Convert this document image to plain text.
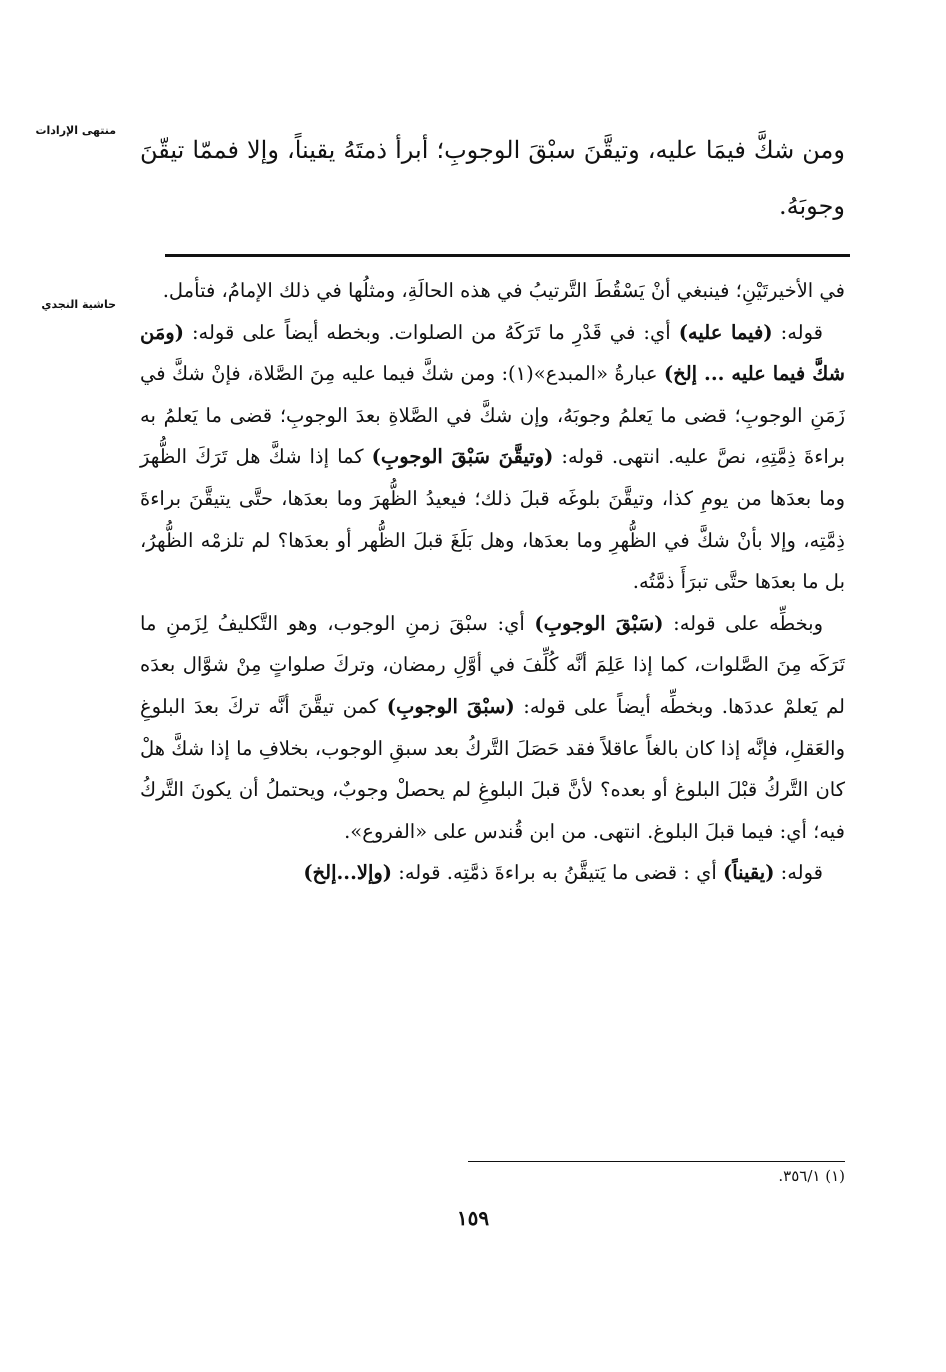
منتهى الإرادات
حاشية النجدي
ومن شكَّ فيمَا عليه، وتيقَّنَ سبْقَ الوجوبِ؛ أبرأ ذمتَهُ يقيناً، وإلا فممّا تيقّنَ وجوبَهُ.

في الأخيرتَيْنِ؛ فينبغي أنْ يَسْقُطَ التَّرتيبُ في هذه الحالَةِ، ومثلُها في ذلك الإمامُ، فتأمل.

قوله: (فيما عليه) أي: في قَدْرِ ما تَرَكَهُ من الصلوات. وبخطه أيضاً على قوله: (ومَن شكَّ فيما عليه ... إلخ) عبارةُ «المبدع»(١): ومن شكَّ فيما عليه مِنَ الصَّلاة، فإنْ شكَّ في زَمَنِ الوجوبِ؛ قضى ما يَعلمُ وجوبَهُ، وإن شكَّ في الصَّلاةِ بعدَ الوجوبِ؛ قضى ما يَعلمُ به براءةَ ذِمَّتِهِ، نصَّ عليه. انتهى. قوله: (وتيقَّنَ سَبْقَ الوجوبِ) كما إذا شكَّ هل تَرَكَ الظُّهرَ وما بعدَها من يومِ كذا، وتيقَّنَ بلوغَه قبلَ ذلك؛ فيعيدُ الظُّهرَ وما بعدَها، حتَّى يتيقَّنَ براءةَ ذِمَّتِه، وإلا بأنْ شكَّ في الظُّهرِ وما بعدَها، وهل بَلَغَ قبلَ الظُّهر أو بعدَها؟ لم تلزمْه الظُّهرُ، بل ما بعدَها حتَّى تبرَأَ ذمَّتُه.

وبخطِّه على قوله: (سَبْقَ الوجوبِ) أي: سبْقَ زمنِ الوجوب، وهو التَّكليفُ لِزَمنِ ما تَرَكَه مِنَ الصَّلوات، كما إذا عَلِمَ أنَّه كُلِّفَ في أوَّلِ رمضان، وتركَ صلواتٍ مِنْ شوَّال بعدَه لم يَعلمْ عددَها. وبخطِّه أيضاً على قوله: (سبْقَ الوجوبِ) كمن تيقَّنَ أنَّه تركَ بعدَ البلوغِ والعَقلِ، فإنَّه إذا كان بالغاً عاقلاً فقد حَصَلَ التَّركُ بعد سبقِ الوجوب، بخلافِ ما إذا شكَّ هلْ كان التَّركُ قبْلَ البلوغ أو بعده؟ لأنَّ قبلَ البلوغِ لم يحصلْ وجوبٌ، ويحتملُ أن يكونَ التَّركُ فيه؛ أي: فيما قبلَ البلوغ. انتهى. من ابن قُندس على «الفروع».

قوله: (يقيناً) أي : قضى ما يَتيقَّنُ به براءةَ ذمَّتِه. قوله: (وإلا...إلخ)

(١) ٣٥٦/١.
١٥٩
